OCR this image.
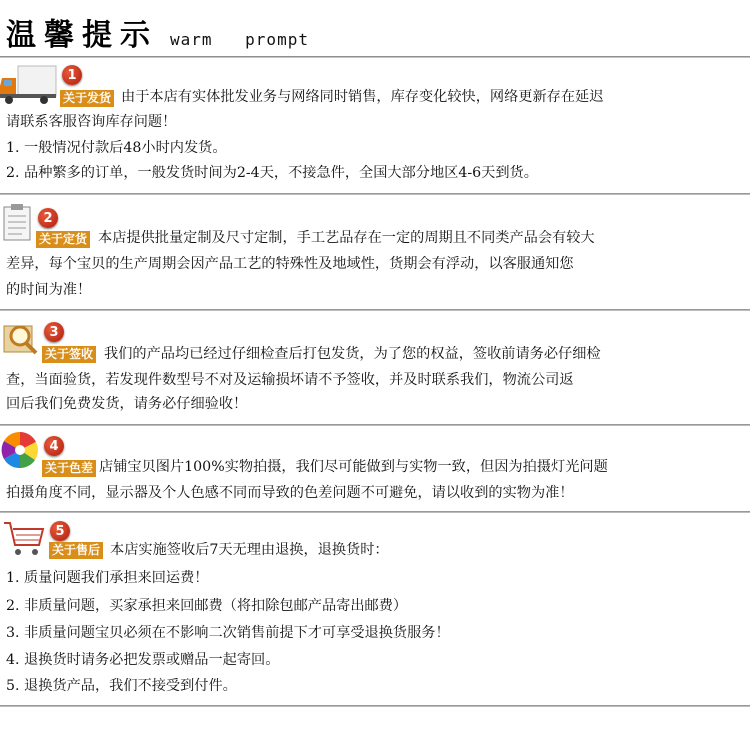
温馨提示 warm prompt
1
关于发货 由于本店有实体批发业务与网络同时销售，库存变化较快，网络更新存在延迟
请联系客服咨询库存问题！
1. 一般情况付款后48小时内发货。
2. 品种繁多的订单，一般发货时间为2-4天，不接急件，全国大部分地区4-6天到货。
2
关于定货 本店提供批量定制及尺寸定制，手工艺品存在一定的周期且不同类产品会有较大
差异，每个宝贝的生产周期会因产品工艺的特殊性及地域性，货期会有浮动，以客服通知您
的时间为准！
3
关于签收 我们的产品均已经过仔细检查后打包发货，为了您的权益，签收前请务必仔细检
查，当面验货，若发现件数型号不对及运输损坏请不予签收，并及时联系我们，物流公司返
回后我们免费发货，请务必仔细验收！
4
关于色差 店铺宝贝图片100%实物拍摄，我们尽可能做到与实物一致，但因为拍摄灯光问题
拍摄角度不同，显示器及个人色感不同而导致的色差问题不可避免，请以收到的实物为准！
5
关于售后 本店实施签收后7天无理由退换，退换货时：
1. 质量问题我们承担来回运费！
2. 非质量问题，买家承担来回邮费（将扣除包邮产品寄出邮费）
3. 非质量问题宝贝必须在不影响二次销售前提下才可享受退换货服务！
4. 退换货时请务必把发票或赠品一起寄回。
5. 退换货产品，我们不接受到付件。
